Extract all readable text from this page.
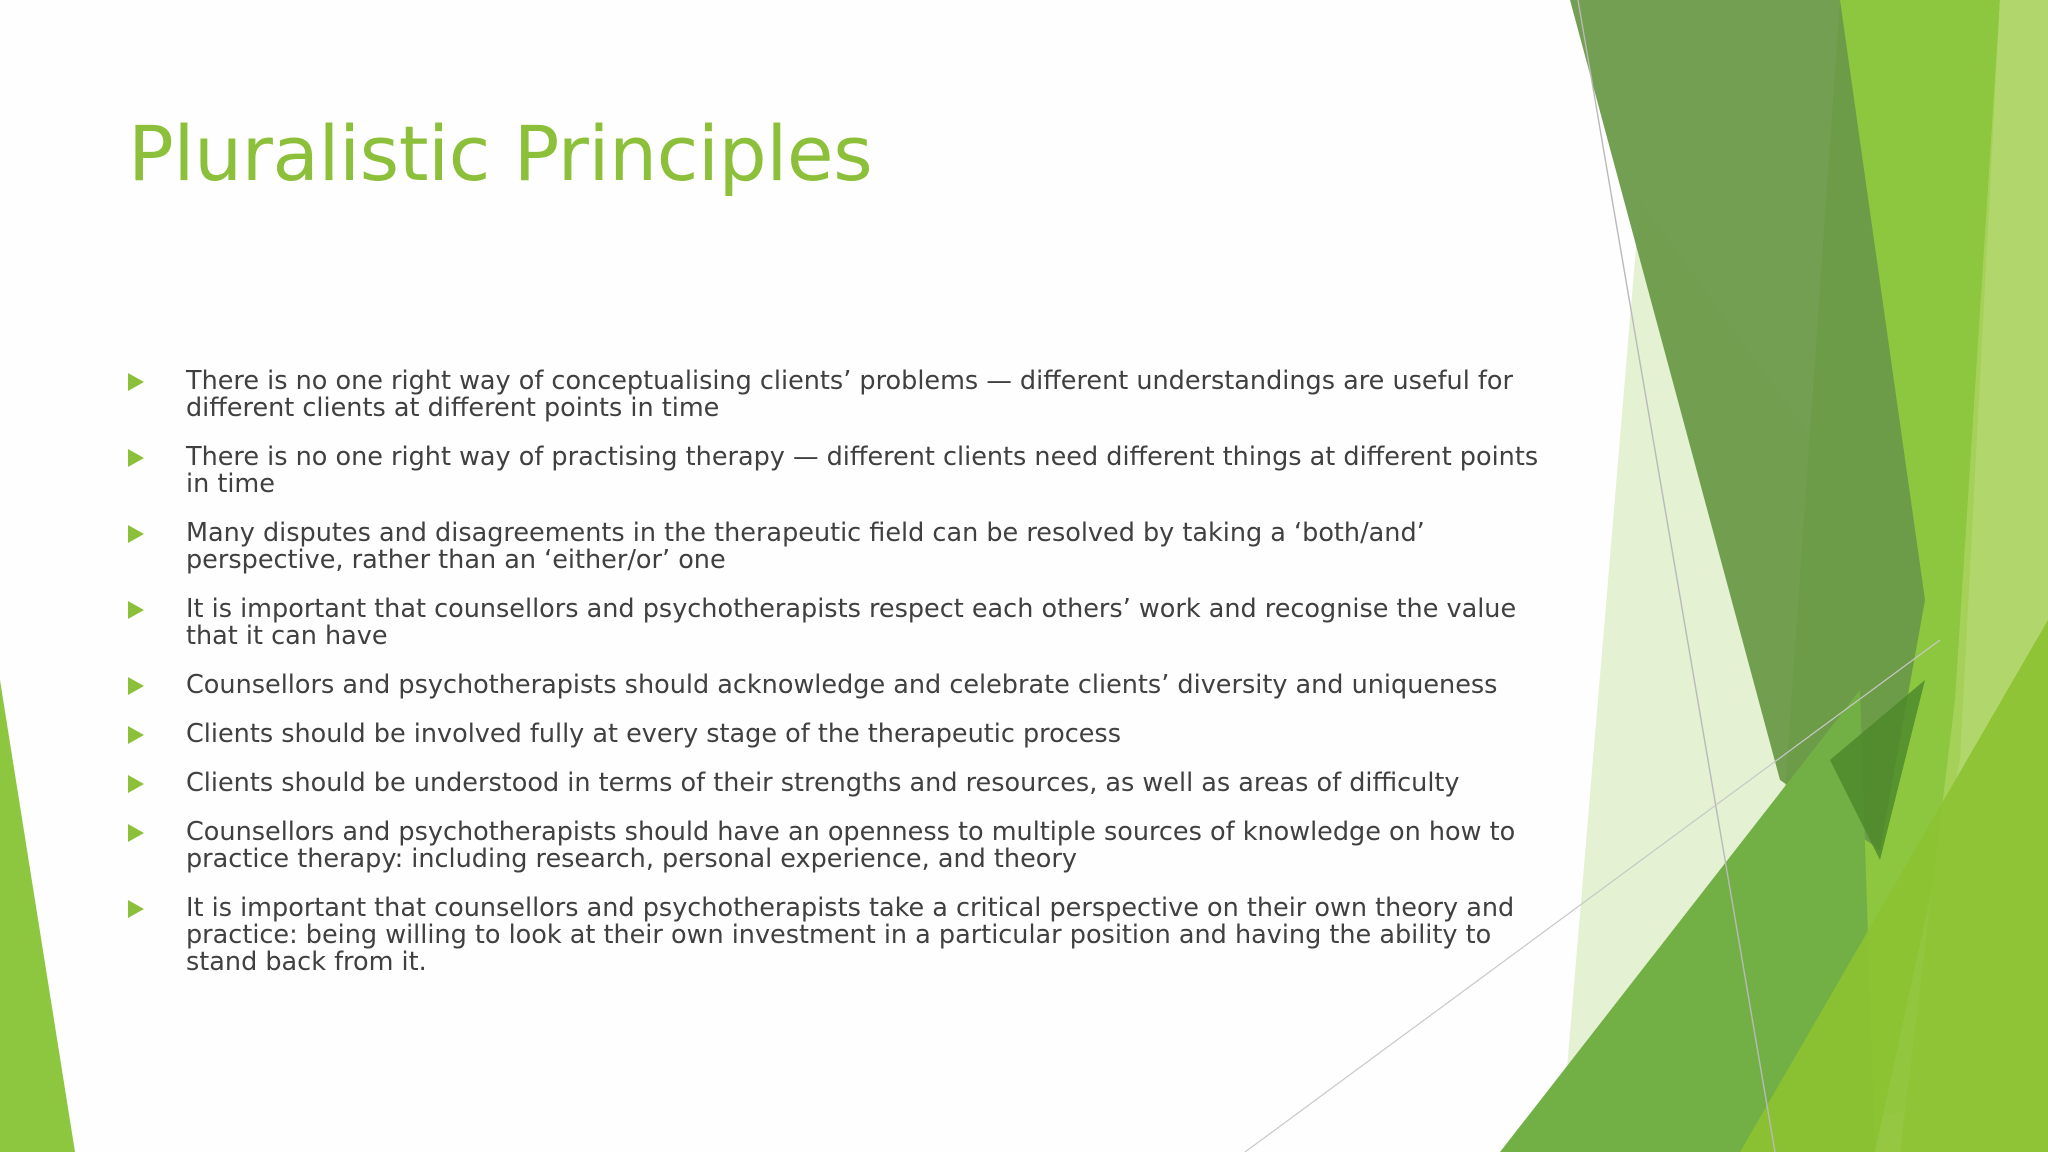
Pluralistic Principles
There is no one right way of conceptualising clients’ problems — different understandings are useful for different clients at different points in time
There is no one right way of practising therapy — different clients need different things at different points in time
Many disputes and disagreements in the therapeutic field can be resolved by taking a ‘both/and’ perspective, rather than an ‘either/or’ one
It is important that counsellors and psychotherapists respect each others’ work and recognise the value that it can have
Counsellors and psychotherapists should acknowledge and celebrate clients’ diversity and uniqueness
Clients should be involved fully at every stage of the therapeutic process
Clients should be understood in terms of their strengths and resources, as well as areas of difficulty
Counsellors and psychotherapists should have an openness to multiple sources of knowledge on how to practice therapy: including research, personal experience, and theory
It is important that counsellors and psychotherapists take a critical perspective on their own theory and practice: being willing to look at their own investment in a particular position and having the ability to stand back from it.
